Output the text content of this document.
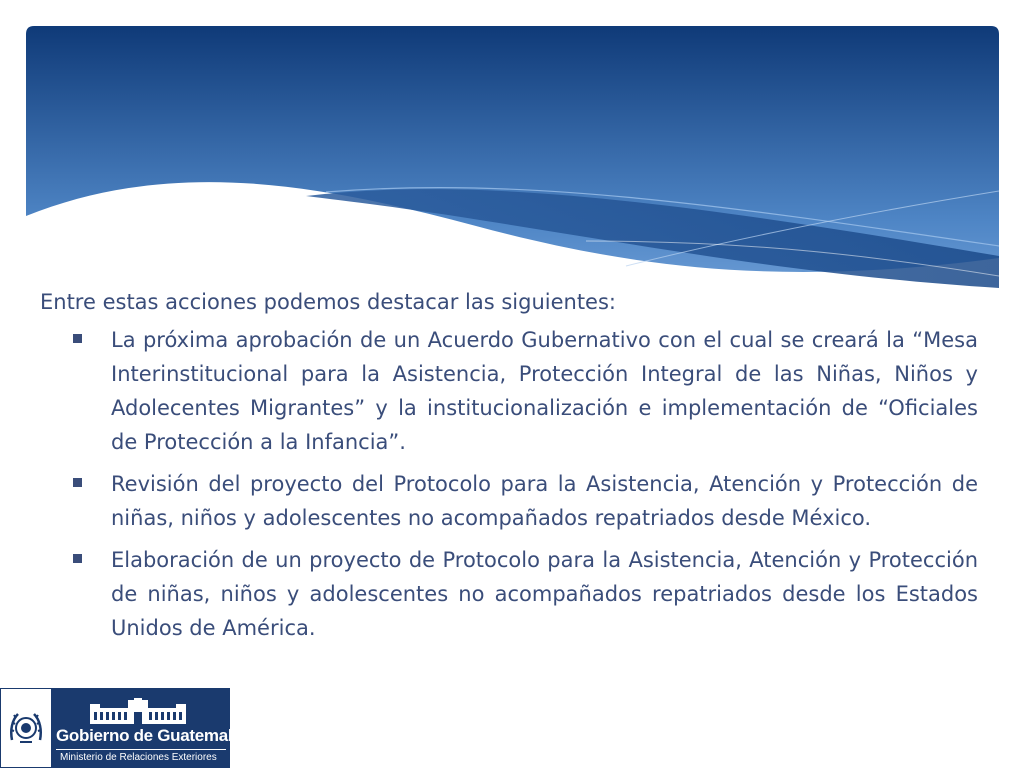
Entre estas acciones podemos destacar las siguientes:

La próxima aprobación de un Acuerdo Gubernativo con el cual se creará la “Mesa Interinstitucional para la Asistencia, Protección Integral de las Niñas, Niños y Adolecentes Migrantes” y la institucionalización e implementación de “Oficiales de Protección a la Infancia”.
Revisión del proyecto del Protocolo para la Asistencia, Atención y Protección de niñas, niños y adolescentes no acompañados repatriados desde México.
Elaboración de un proyecto de Protocolo para la Asistencia, Atención y Protección de niñas, niños y adolescentes no acompañados repatriados desde los Estados Unidos de América.
Gobierno de Guatemala
Ministerio de Relaciones Exteriores
